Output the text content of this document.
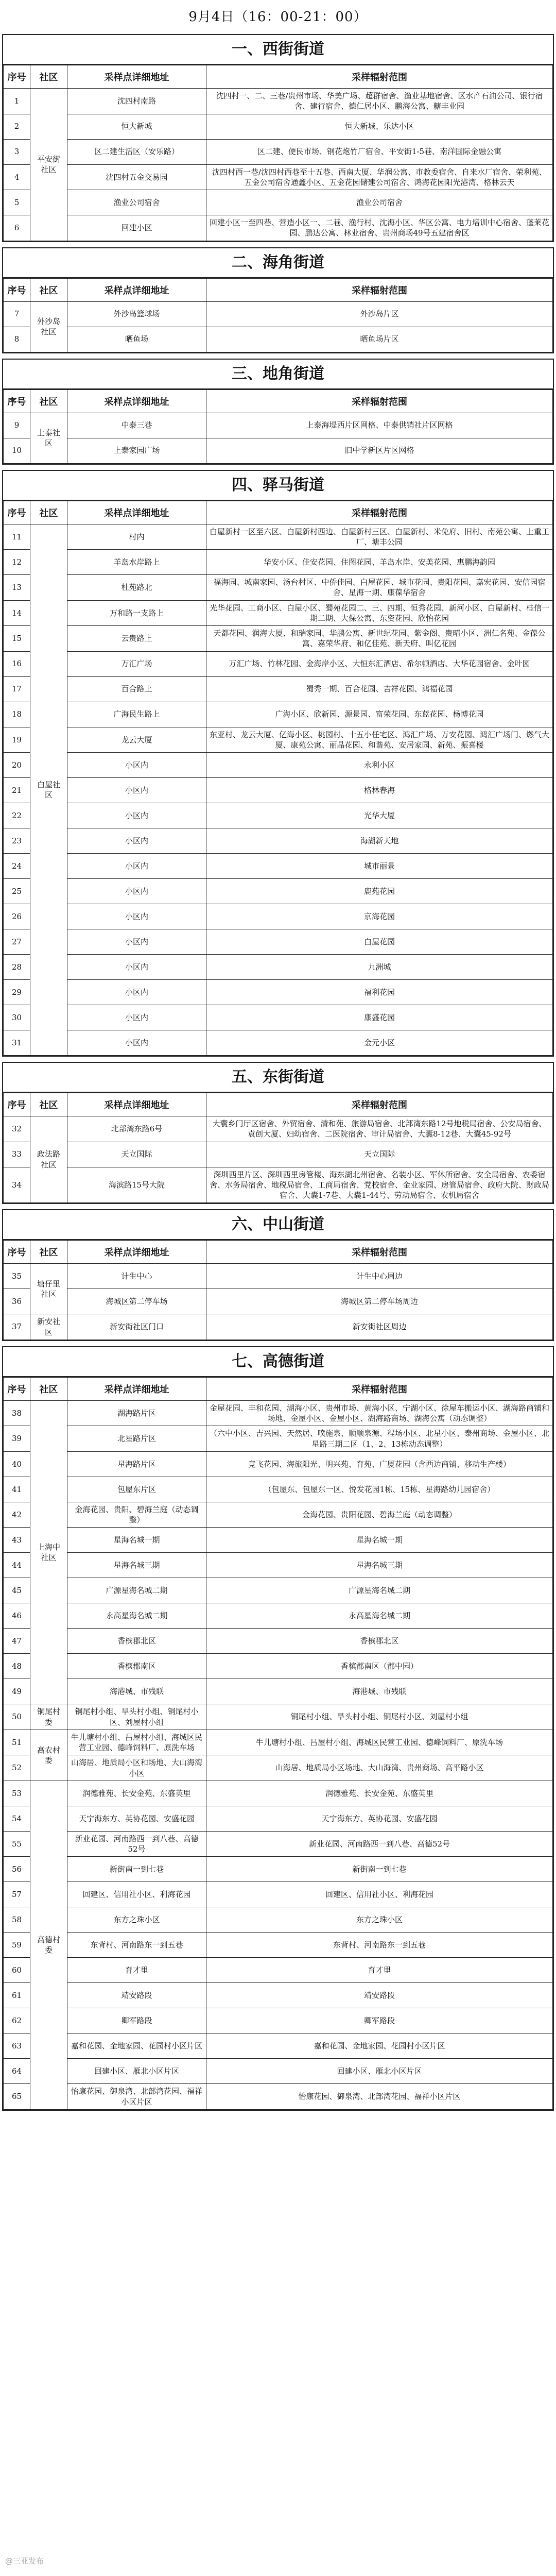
9月4日（16：00-21：00）
一、西街街道
序号	社区	采样点详细地址	采样辐射范围
1	平安街社区	沈四村南路	沈四村一、二、三巷/贵州市场、华美广场、超群宿舍、渔业基地宿舍、区水产石油公司、银行宿舍、建行宿舍、德仁居小区、鹏海公寓、糖丰业园
2		恒大新城	恒大新城、乐达小区
3		区二建生活区（安乐路）	区二建、便民市场、钢花炮竹厂宿舍、平安街1-5巷、南洋国际金融公寓
4		沈四村五金交易园	沈四村西一巷/沈四村西巷至十五巷、西南大厦、华润公寓、市教委宿舍、自来水厂宿舍、荣利苑、五金公司宿舍通鑫小区、五金花园储建公司宿舍、鸿海花园阳光港湾、格林云天
5		渔业公司宿舍	渔业公司宿舍
6		回建小区	回建小区一至四巷、营造小区一、二巷、渔行村、沈海小区、华区公寓、电力培训中心宿舍、蓬莱花园、鹏达公寓、林业宿舍、贵州商场49号五建宿舍区
二、海角街道
序号	社区	采样点详细地址	采样辐射范围
7	外沙岛社区	外沙岛篮球场	外沙岛片区
8		晒鱼场	晒鱼场片区
三、地角街道
序号	社区	采样点详细地址	采样辐射范围
9	上泰社区	中泰三巷	上泰海堤西片区网格、中泰供销社片区网格
10		上泰家园广场	旧中学新区片区网格
四、驿马街道
序号	社区	采样点详细地址	采样辐射范围
11	白屋社区	村内	白屋新村一区至六区、白屋新村西边、白屋新村三区、白屋新村、米免府、旧村、南苑公寓、上重工厂、塘丰公园
12		羊岛水岸路上	华安小区、佳安花园、住图花园、羊岛水岸、安美花园、惠鹏海韵园
13		杜苑路北	福海园、城南家园、汤台村区、中侨佳园、白屋花园、城市花园、贵阳花园、嘉宏花园、安信园宿舍、星海一期、康葆华宿舍
14		万和路一支路上	光华花园、工商小区、白屋小区、蜀苑花园二、三、四期、恒秀花园、新河小区、白屋新村、桂信一期二期、大保公寓、东资花园、欣怡花园
15		云贵路上	天都花园、润海大厦、和瑞家园、华鹏公寓、新世纪花园、紫金阁、贵晴小区、洲仁名苑、金葆公寓、嘉荣华府、和亿佳苑、新天府、叫亿花园
16		万汇广场	万汇广场、竹林花园、金海岸小区、大恒东汇酒店、希尔顿酒店、大华花园宿舍、金叶园
17		百合路上	蜀秀一期、百合花园、吉祥花园、鸿福花园
18		广海民生路上	广海小区、欣新园、源景园、富荣花园、东蓝花园、杨博花园
19		龙云大厦	东亚村、龙云大厦、亿海小区、桃园村、十五小任宅区、鸿汇广场、万安花园、鸿汇广场门、燃气大厦、康苑公寓、丽晶花园、和谐苑、安居家园、新苑、振喜楼
20		小区内	永利小区
21		小区内	格林春海
22		小区内	光华大厦
23		小区内	海湖新天地
24		小区内	城市丽景
25		小区内	鹿苑花园
26		小区内	京海花园
27		小区内	白屋花园
28		小区内	九洲城
29		小区内	福利花园
30		小区内	康盛花园
31		小区内	金元小区
五、东街街道
序号	社区	采样点详细地址	采样辐射范围
32	政法路社区	北部湾东路6号	大囊乡门厅区宿舍、外贸宿舍、清和苑、旅游局宿舍、北部湾东路12号地税局宿舍、公安局宿舍、袁创大厦、妇幼宿舍、二医院宿舍、审计局宿舍、大囊8-12巷、大囊45-92号
33		天立国际	天立国际
34		海滨路15号大院	深圳西里片区、深圳西里房管楼、海东湖北州宿舍、名装小区、军休所宿舍、安全局宿舍、农委宿舍、水务局宿舍、地税局宿舍、工商局宿舍、党校宿舍、金业家园、房管局宿舍、政府大院、财政局宿舍、大囊1-7巷、大囊1-44号、劳动局宿舍、农机局宿舍
六、中山街道
序号	社区	采样点详细地址	采样辐射范围
35	塘仔里社区	计生中心	计生中心周边
36		海城区第二停车场	海城区第二停车场周边
37	新安社区	新安街社区门口	新安街社区周边
七、高德街道
序号	社区	采样点详细地址	采样辐射范围
38	上海中社区	湖海路片区	金屋花园、丰和花园、湖海小区、贵州市场、黄海小区、宁湖小区、徐屋车搬运小区、湖海路商铺和场地、金屋小区、金屋小区、湖海路商场、湖海公寓（动态调整）
39		北星路片区	（六中小区、吉兴园、天然居、喷施泉、顺顺泉源、程场小区、北星小区、泰州商场、金屋小区、北星路三期二区（1、2、13栋动态调整）
40		星海路片区	竞飞花园、海旅阳光、明兴苑、育苑、广厦花园（含西边商铺、移动生产楼）
41		包屋东片区	（包屋东、包屋东一区、悦发花园1栋、15栋、星海路幼儿园宿舍）
42		金海花园、贵阳、碧海兰庭（动态调整）	金海花园、贵阳花园、碧海兰庭（动态调整）
43		星海名城一期	星海名城一期
44		星海名城三期	星海名城三期
45		广源星海名城二期	广源星海名城二期
46		永高星海名城二期	永高星海名城二期
47		香槟郡北区	香槟郡北区
48		香槟郡南区	香槟郡南区（郡中园）
49		海港城、市残联	海港城、市残联
50	铜尾村委	铜尾村小组、旱头村小组、铜尾村小区、刘屋村小组	铜尾村小组、旱头村小组、铜尾村小区、刘屋村小组
51	高农村委	牛儿塘村小组、吕屋村小组、海城区民营工业园、德峰饲料厂、原洗车场	牛儿塘村小组、吕屋村小组、海城区民营工业园、德峰饲料厂、原洗车场
52		山海居、地质局小区和场地、大山海湾小区	山海居、地质局小区场地、大山海湾、贵州商场、高平路小区
53	高德村委	润德雅苑、长安金苑、东盛英里	润德雅苑、长安金苑、东盛英里
54		天宁海东方、英协花园、安盛花园	天宁海东方、英协花园、安盛花园
55		新业花园、河南路西一到八巷、高德52号	新业花园、河南路西一到八巷、高德52号
56		新街南一到七巷	新街南一到七巷
57		回建区、信用社小区、利海花园	回建区、信用社小区、利海花园
58		东方之珠小区	东方之珠小区
59		东背村、河南路东一到五巷	东背村、河南路东一到五巷
60		育才里	育才里
61		靖安路段	靖安路段
62		卿军路段	卿军路段
63		嘉和花园、金地家园、花园村小区片区	嘉和花园、金地家园、花园村小区片区
64		回建小区、雁北小区片区	回建小区、雁北小区片区
65		怡康花园、御泉湾、北部湾花园、福祥小区片区	怡康花园、御泉湾、北部湾花园、福祥小区片区
@三亚发布
